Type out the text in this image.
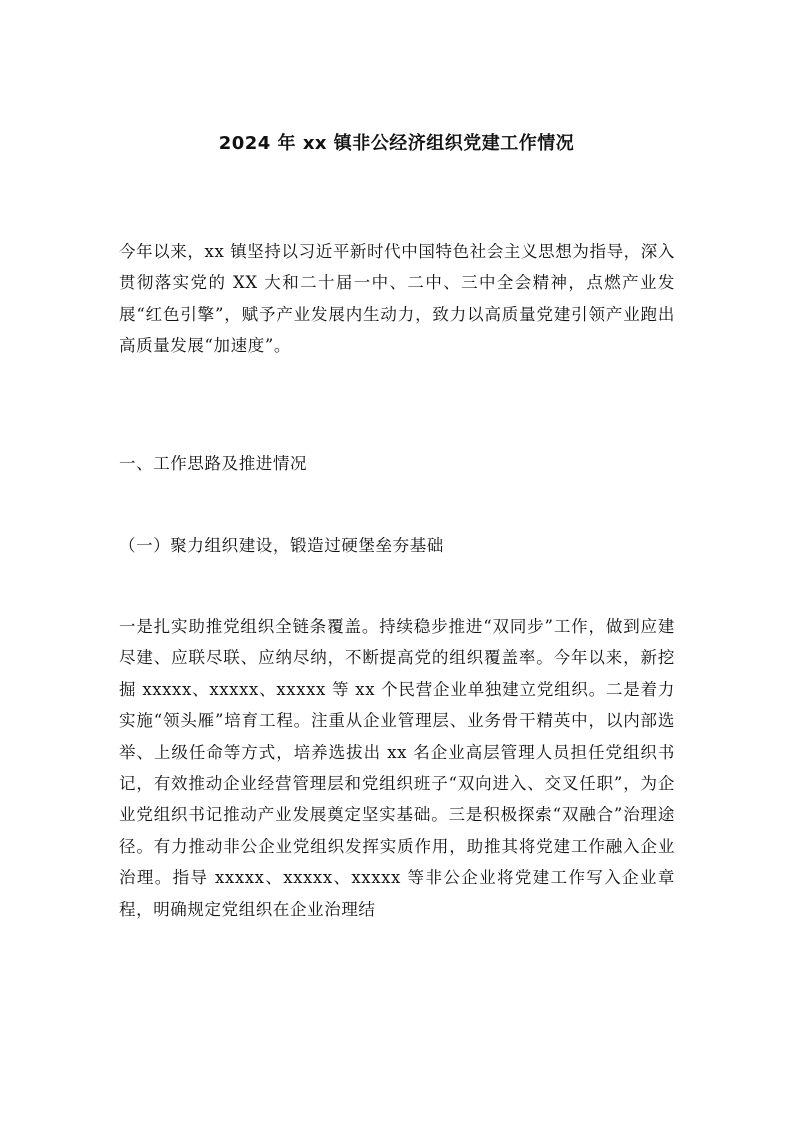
2024 年 xx 镇非公经济组织党建工作情况

今年以来，xx 镇坚持以习近平新时代中国特色社会主义思想为指导，深入贯彻落实党的 XX 大和二十届一中、二中、三中全会精神，点燃产业发展“红色引擎”，赋予产业发展内生动力，致力以高质量党建引领产业跑出高质量发展“加速度”。

一、工作思路及推进情况

（一）聚力组织建设，锻造过硬堡垒夯基础

一是扎实助推党组织全链条覆盖。持续稳步推进“双同步”工作，做到应建尽建、应联尽联、应纳尽纳，不断提高党的组织覆盖率。今年以来，新挖掘 xxxxx、xxxxx、xxxxx 等 xx 个民营企业单独建立党组织。二是着力实施“领头雁”培育工程。注重从企业管理层、业务骨干精英中，以内部选举、上级任命等方式，培养选拔出 xx 名企业高层管理人员担任党组织书记，有效推动企业经营管理层和党组织班子“双向进入、交叉任职”，为企业党组织书记推动产业发展奠定坚实基础。三是积极探索“双融合”治理途径。有力推动非公企业党组织发挥实质作用，助推其将党建工作融入企业治理。指导 xxxxx、xxxxx、xxxxx 等非公企业将党建工作写入企业章程，明确规定党组织在企业治理结
